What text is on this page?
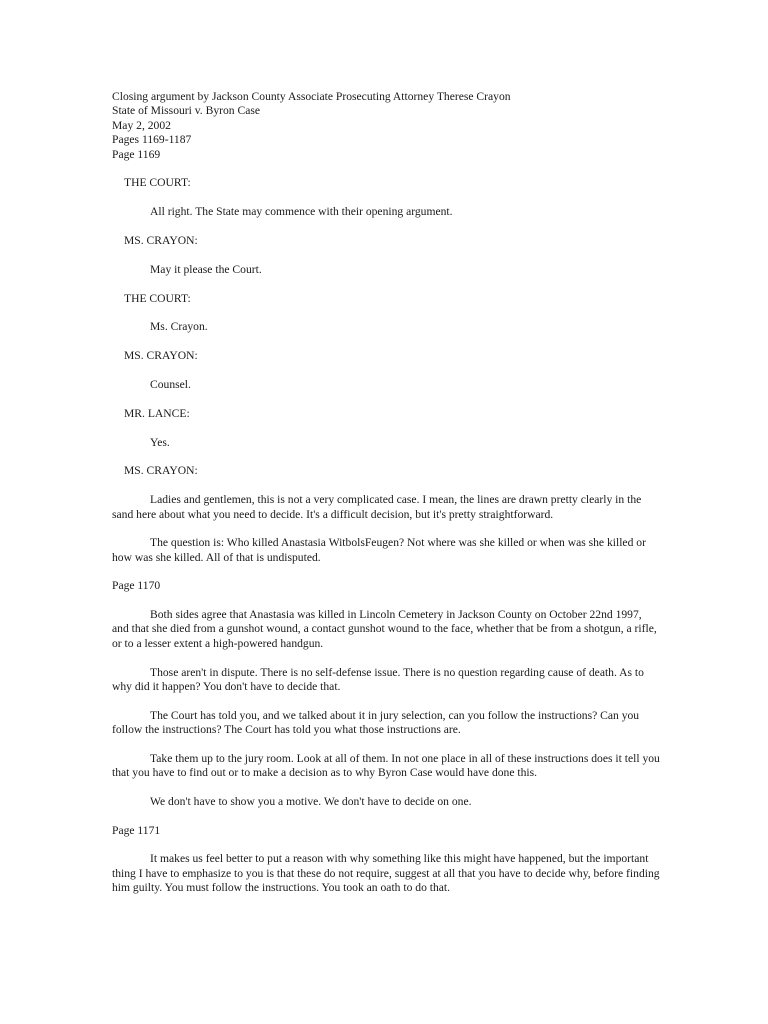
Closing argument by Jackson County Associate Prosecuting Attorney Therese Crayon
State of Missouri v. Byron Case
May 2, 2002
Pages 1169-1187
Page 1169
THE COURT:
All right. The State may commence with their opening argument.
MS. CRAYON:
May it please the Court.
THE COURT:
Ms. Crayon.
MS. CRAYON:
Counsel.
MR. LANCE:
Yes.
MS. CRAYON:
Ladies and gentlemen, this is not a very complicated case. I mean, the lines are drawn pretty clearly in the sand here about what you need to decide. It's a difficult decision, but it's pretty straightforward.
The question is: Who killed Anastasia WitbolsFeugen? Not where was she killed or when was she killed or how was she killed. All of that is undisputed.
Page 1170
Both sides agree that Anastasia was killed in Lincoln Cemetery in Jackson County on October 22nd 1997, and that she died from a gunshot wound, a contact gunshot wound to the face, whether that be from a shotgun, a rifle, or to a lesser extent a high-powered handgun.
Those aren't in dispute. There is no self-defense issue. There is no question regarding cause of death. As to why did it happen? You don't have to decide that.
The Court has told you, and we talked about it in jury selection, can you follow the instructions? Can you follow the instructions? The Court has told you what those instructions are.
Take them up to the jury room. Look at all of them. In not one place in all of these instructions does it tell you that you have to find out or to make a decision as to why Byron Case would have done this.
We don't have to show you a motive. We don't have to decide on one.
Page 1171
It makes us feel better to put a reason with why something like this might have happened, but the important thing I have to emphasize to you is that these do not require, suggest at all that you have to decide why, before finding him guilty. You must follow the instructions. You took an oath to do that.
